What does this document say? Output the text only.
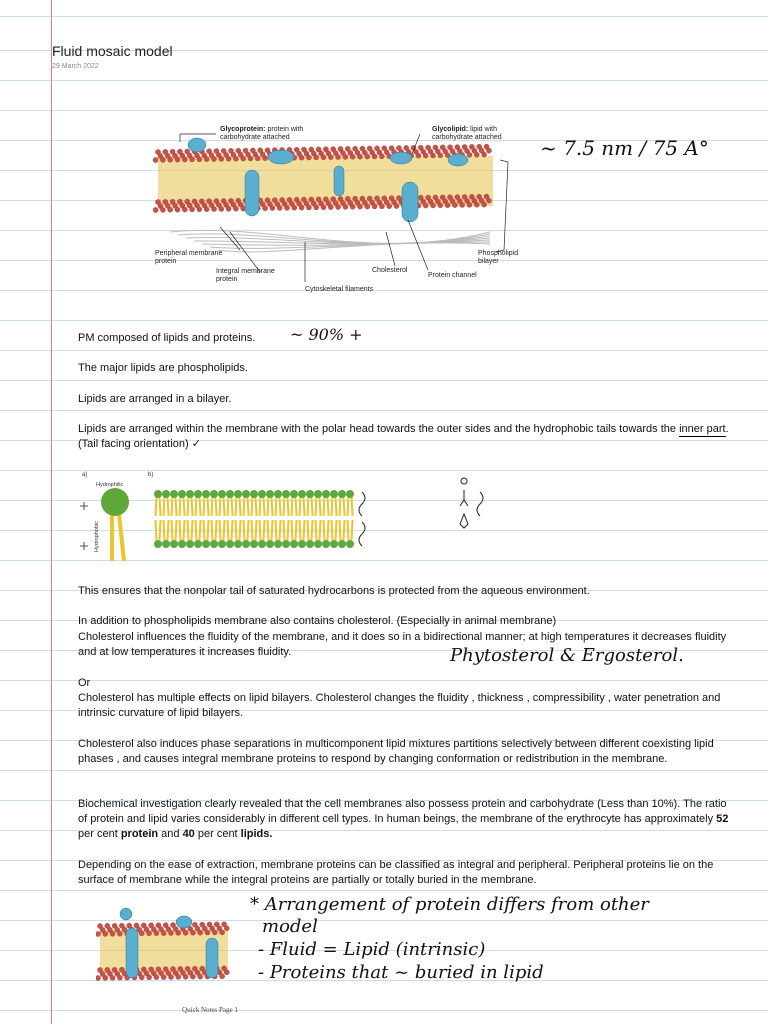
Fluid mosaic model
29 March 2022
Glycoprotein: protein with carbohydrate attached
Glycolipid: lipid with carbohydrate attached
Peripheral membrane protein
Integral membrane protein
Cholesterol
Cytoskeletal filaments
Protein channel
Phospholipid bilayer
~ 7.5 nm / 75 A°
PM composed of lipids and proteins.	~ 90% +
The major lipids are phospholipids.
Lipids are arranged in a bilayer.
Lipids are arranged within the membrane with the polar head towards the outer sides and the hydrophobic tails towards the inner part. (Tail facing orientation) ✓
a)	b)
Hydrophilic
Hydrophobic
This ensures that the nonpolar tail of saturated hydrocarbons is protected from the aqueous environment.
In addition to phospholipids membrane also contains cholesterol. (Especially in animal membrane)
Cholesterol influences the fluidity of the membrane, and it does so in a bidirectional manner; at high temperatures it decreases fluidity and at low temperatures it increases fluidity.	Phytosterol & Ergosterol.
Or
Cholesterol has multiple effects on lipid bilayers. Cholesterol changes the fluidity , thickness , compressibility , water penetration and intrinsic curvature of lipid bilayers.
Cholesterol also induces phase separations in multicomponent lipid mixtures partitions selectively between different coexisting lipid phases , and causes integral membrane proteins to respond by changing conformation or redistribution in the membrane.
Biochemical investigation clearly revealed that the cell membranes also possess protein and carbohydrate (Less than 10%). The ratio of protein and lipid varies considerably in different cell types. In human beings, the membrane of the erythrocyte has approximately 52 per cent protein and 40 per cent lipids.
Depending on the ease of extraction, membrane proteins can be classified as integral and peripheral. Peripheral proteins lie on the surface of membrane while the integral proteins are partially or totally buried in the membrane.
* Arrangement of protein differs from other
model
- Fluid = Lipid (intrinsic)
- Proteins that ~ buried in lipid
Quick Notes Page 1
